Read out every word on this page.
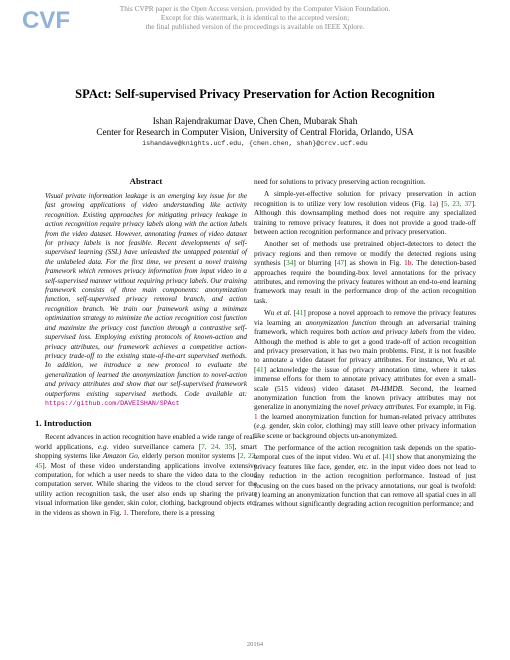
CVF	This CVPR paper is the Open Access version, provided by the Computer Vision Foundation.
Except for this watermark, it is identical to the accepted version;
the final published version of the proceedings is available on IEEE Xplore.
SPAct: Self-supervised Privacy Preservation for Action Recognition
Ishan Rajendrakumar Dave, Chen Chen, Mubarak Shah
Center for Research in Computer Vision, University of Central Florida, Orlando, USA
ishandave@knights.ucf.edu, {chen.chen, shah}@crcv.ucf.edu
Abstract
Visual private information leakage is an emerging key issue for the fast growing applications of video understanding like activity recognition. Existing approaches for mitigating privacy leakage in action recognition require privacy labels along with the action labels from the video dataset. However, annotating frames of video dataset for privacy labels is not feasible. Recent developments of self-supervised learning (SSL) have unleashed the untapped potential of the unlabeled data. For the first time, we present a novel training framework which removes privacy information from input video in a self-supervised manner without requiring privacy labels. Our training framework consists of three main components: anonymization function, self-supervised privacy removal branch, and action recognition branch. We train our framework using a minimax optimization strategy to minimize the action recognition cost function and maximize the privacy cost function through a contrastive self-supervised loss. Employing existing protocols of known-action and privacy attributes, our framework achieves a competitive action-privacy trade-off to the existing state-of-the-art supervised methods. In addition, we introduce a new protocol to evaluate the generalization of learned the anonymization function to novel-action and privacy attributes and show that our self-supervised framework outperforms existing supervised methods. Code available at: https://github.com/DAVEISHAN/SPAct
1. Introduction
Recent advances in action recognition have enabled a wide range of real-world applications, e.g. video surveillance camera [7, 24, 35], smart shopping systems like Amazon Go, elderly person monitor systems [2, 22, 45]. Most of these video understanding applications involve extensive computation, for which a user needs to share the video data to the cloud computation server. While sharing the videos to the cloud server for the utility action recognition task, the user also ends up sharing the private visual information like gender, skin color, clothing, background objects etc. in the videos as shown in Fig. 1. Therefore, there is a pressing
need for solutions to privacy preserving action recognition.
A simple-yet-effective solution for privacy preservation in action recognition is to utilize very low resolution videos (Fig. 1a) [5, 23, 37]. Although this downsampling method does not require any specialized training to remove privacy features, it does not provide a good trade-off between action recognition performance and privacy preservation.
Another set of methods use pretrained object-detectors to detect the privacy regions and then remove or modify the detected regions using synthesis [34] or blurring [47] as shown in Fig. 1b. The detection-based approaches require the bounding-box level annotations for the privacy attributes, and removing the privacy features without an end-to-end learning framework may result in the performance drop of the action recognition task.
Wu et al. [41] propose a novel approach to remove the privacy features via learning an anonymization function through an adversarial training framework, which requires both action and privacy labels from the video. Although the method is able to get a good trade-off of action recognition and privacy preservation, it has two main problems. First, it is not feasible to annotate a video dataset for privacy attributes. For instance, Wu et al. [41] acknowledge the issue of privacy annotation time, where it takes immense efforts for them to annotate privacy attributes for even a small-scale (515 videos) video dataset PA-HMDB. Second, the learned anonymization function from the known privacy attributes may not generalize in anonymizing the novel privacy attributes. For example, in Fig. 1 the learned anonymization function for human-related privacy attributes (e.g. gender, skin color, clothing) may still leave other privacy information like scene or background objects un-anonymized.
The performance of the action recognition task depends on the spatio-temporal cues of the input video. Wu et al. [41] show that anonymizing the privacy features like face, gender, etc. in the input video does not lead to any reduction in the action recognition performance. Instead of just focusing on the cues based on the privacy annotations, our goal is twofold: 1) learning an anonymization function that can remove all spatial cues in all frames without significantly degrading action recognition performance; and
20164
